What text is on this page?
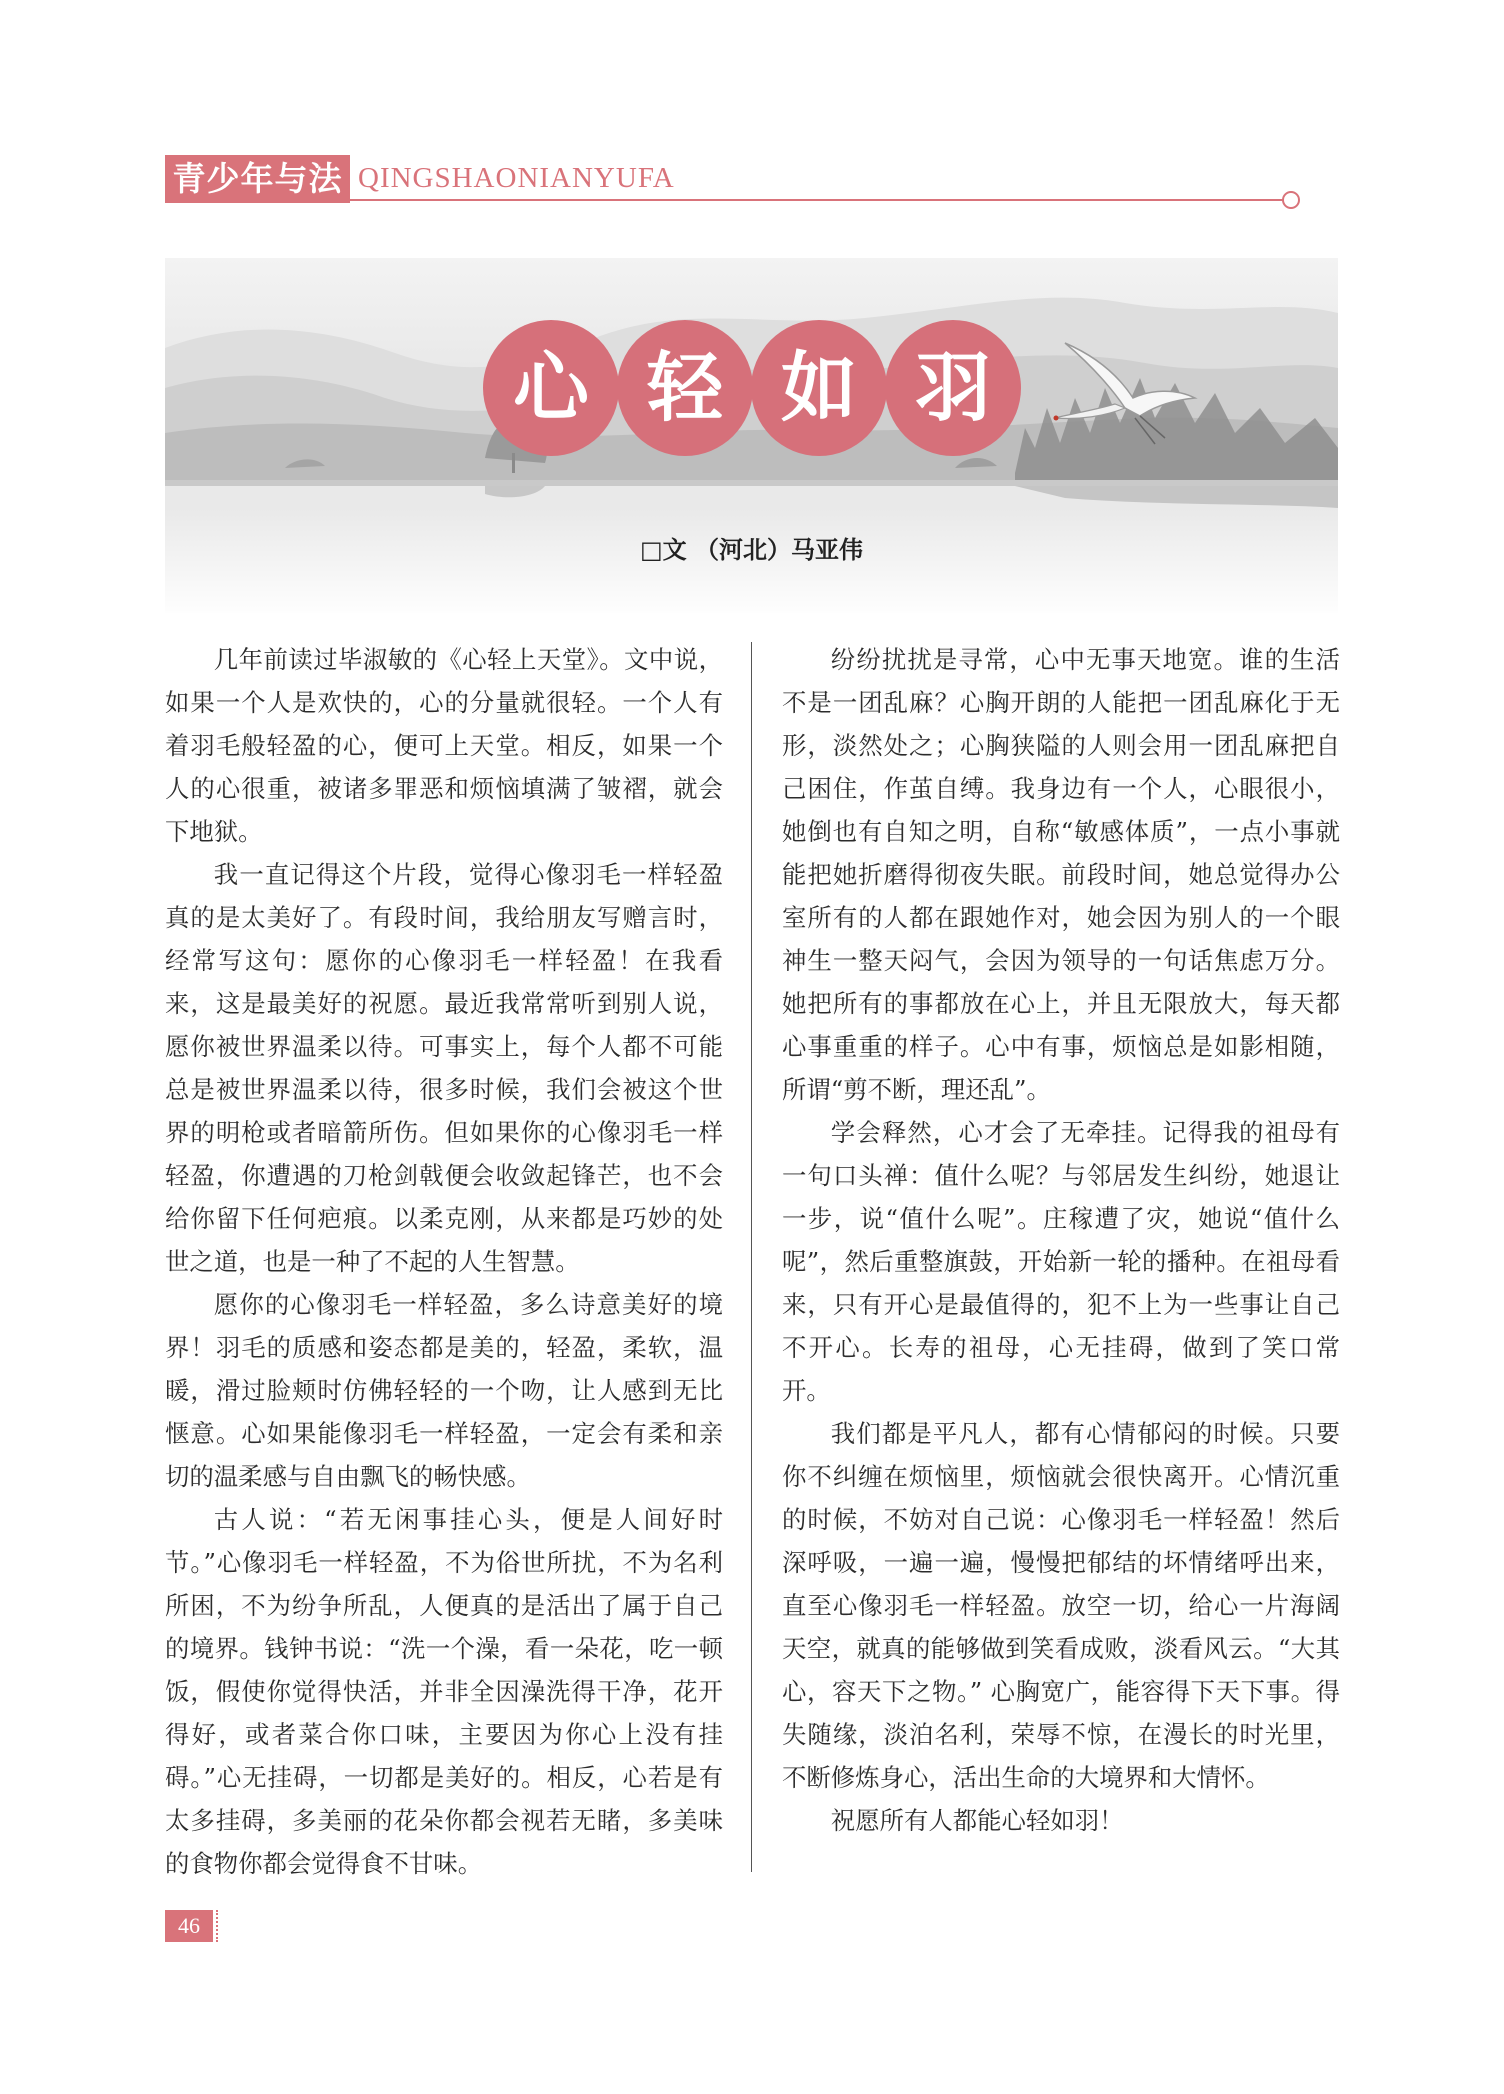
青少年与法 QINGSHAONIANYUFA
心 轻 如 羽
□文 （河北）马亚伟

几年前读过毕淑敏的《心轻上天堂》。文中说，如果一个人是欢快的，心的分量就很轻。一个人有着羽毛般轻盈的心，便可上天堂。相反，如果一个人的心很重，被诸多罪恶和烦恼填满了皱褶，就会下地狱。

我一直记得这个片段，觉得心像羽毛一样轻盈真的是太美好了。有段时间，我给朋友写赠言时，经常写这句：愿你的心像羽毛一样轻盈！在我看来，这是最美好的祝愿。最近我常常听到别人说，愿你被世界温柔以待。可事实上，每个人都不可能总是被世界温柔以待，很多时候，我们会被这个世界的明枪或者暗箭所伤。但如果你的心像羽毛一样轻盈，你遭遇的刀枪剑戟便会收敛起锋芒，也不会给你留下任何疤痕。以柔克刚，从来都是巧妙的处世之道，也是一种了不起的人生智慧。

愿你的心像羽毛一样轻盈，多么诗意美好的境界！羽毛的质感和姿态都是美的，轻盈，柔软，温暖，滑过脸颊时仿佛轻轻的一个吻，让人感到无比惬意。心如果能像羽毛一样轻盈，一定会有柔和亲切的温柔感与自由飘飞的畅快感。

古人说：“若无闲事挂心头，便是人间好时节。”心像羽毛一样轻盈，不为俗世所扰，不为名利所困，不为纷争所乱，人便真的是活出了属于自己的境界。钱钟书说：“洗一个澡，看一朵花，吃一顿饭，假使你觉得快活，并非全因澡洗得干净，花开得好，或者菜合你口味，主要因为你心上没有挂碍。”心无挂碍，一切都是美好的。相反，心若是有太多挂碍，多美丽的花朵你都会视若无睹，多美味的食物你都会觉得食不甘味。

纷纷扰扰是寻常，心中无事天地宽。谁的生活不是一团乱麻？心胸开朗的人能把一团乱麻化于无形，淡然处之；心胸狭隘的人则会用一团乱麻把自己困住，作茧自缚。我身边有一个人，心眼很小，她倒也有自知之明，自称“敏感体质”，一点小事就能把她折磨得彻夜失眠。前段时间，她总觉得办公室所有的人都在跟她作对，她会因为别人的一个眼神生一整天闷气，会因为领导的一句话焦虑万分。她把所有的事都放在心上，并且无限放大，每天都心事重重的样子。心中有事，烦恼总是如影相随，所谓“剪不断，理还乱”。

学会释然，心才会了无牵挂。记得我的祖母有一句口头禅：值什么呢？与邻居发生纠纷，她退让一步，说“值什么呢”。庄稼遭了灾，她说“值什么呢”，然后重整旗鼓，开始新一轮的播种。在祖母看来，只有开心是最值得的，犯不上为一些事让自己不开心。长寿的祖母，心无挂碍，做到了笑口常开。

我们都是平凡人，都有心情郁闷的时候。只要你不纠缠在烦恼里，烦恼就会很快离开。心情沉重的时候，不妨对自己说：心像羽毛一样轻盈！然后深呼吸，一遍一遍，慢慢把郁结的坏情绪呼出来，直至心像羽毛一样轻盈。放空一切，给心一片海阔天空，就真的能够做到笑看成败，淡看风云。“大其心，容天下之物。” 心胸宽广，能容得下天下事。得失随缘，淡泊名利，荣辱不惊，在漫长的时光里，不断修炼身心，活出生命的大境界和大情怀。

祝愿所有人都能心轻如羽！

46
